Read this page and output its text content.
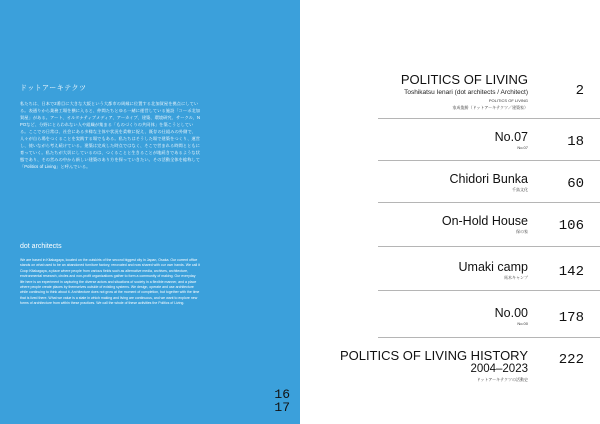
ドットアーキテクツ
私たちは、日本で2番目に大きな大阪という大都市の周縁に位置する北加賀屋を拠点にしている。表通りから業務工場を横に入ると、仲間たちとゆる一緒に運営している施設「コーポ北加賀屋」がある。アート、オルタナティブメディア、アーカイブ、建築、環境研究、サークル、NPOなど、分野にとらわれない人や組織が集まる「ものづくりの共同体」を築こうとしている。ここでの日常は、社会にある多様な主体や状況を柔軟に捉え、既存の仕組みの外側で、人々が自ら場をつくることを実践する場でもある。私たちはそうした場で建築をつくり、運営し、使いながら考え続けている。建築は完成した時点ではなく、そこで営まれる時間とともに育っていく。私たちが大切にしているのは、つくることと生きることが地続きであるような状態であり、その営みの中から新しい建築のあり方を探っていきたい。その活動全体を総称して「Politics of Living」と呼んでいる。
dot architects
We are based in Kitakagaya, located on the outskirts of the second biggest city in Japan, Osaka. Our current office stands on what used to be an abandoned furniture factory, renovated and now shared with our own hands. We call it Coop Kitakagaya, a place where people from various fields such as alternative media, archives, architecture, environmental research, circles and non-profit organizations gather to form a community of making. Our everyday life here is an experiment in capturing the diverse actors and situations of society in a flexible manner, and a place where people create places by themselves outside of existing systems. We design, operate and use architecture while continuing to think about it. Architecture does not grow at the moment of completion, but together with the time that is lived there. What we value is a state in which making and living are continuous, and we want to explore new forms of architecture from within these practices. We call the whole of these activities the Politics of Living.
16
17
POLITICS OF LIVING
Toshikatsu Ienari (dot architects / Architect)
POLITICS OF LIVING
家成俊勝（ドットアーキテクツ／建築家）
2
No.07
No.07	18
Chidori Bunka
千鳥文化	60
On-Hold House
保の家 106
Umaki camp
馬木キャンプ 142
No.00
No.00 178
POLITICS OF LIVING HISTORY
2004–2023
ドットアーキテクツの活動史
222
